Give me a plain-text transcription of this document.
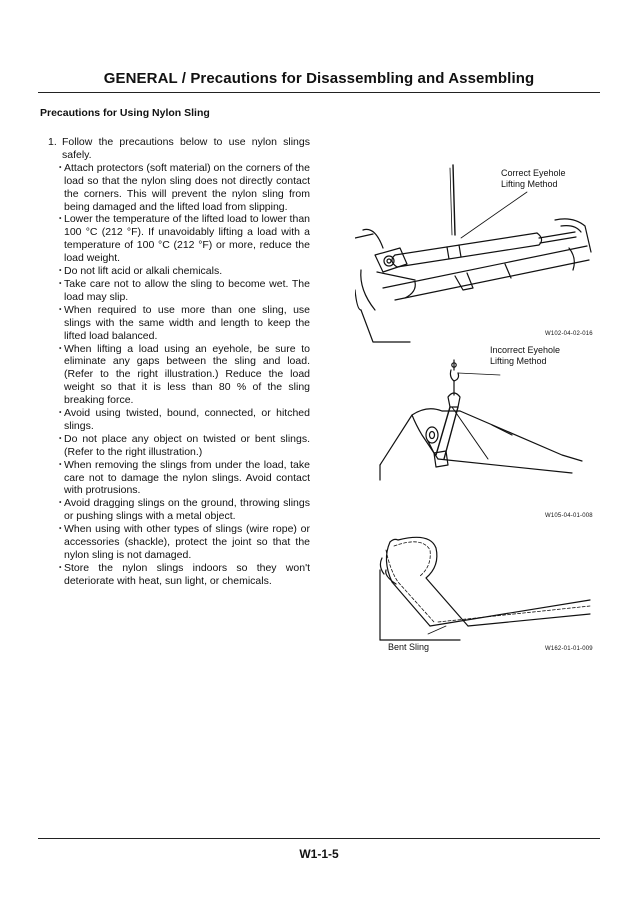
GENERAL / Precautions for Disassembling and Assembling
Precautions for Using Nylon Sling
1. Follow the precautions below to use nylon slings safely.
・
Attach protectors (soft material) on the corners of the load so that the nylon sling does not directly contact the corners. This will prevent the nylon sling from being damaged and the lifted load from slipping.
・
Lower the temperature of the lifted load to lower than 100 °C (212 °F). If unavoidably lifting a load with a temperature of 100 °C (212 °F) or more, reduce the load weight.
・
Do not lift acid or alkali chemicals.
・
Take care not to allow the sling to become wet. The load may slip.
・
When required to use more than one sling, use slings with the same width and length to keep the lifted load balanced.
・
When lifting a load using an eyehole, be sure to eliminate any gaps between the sling and load. (Refer to the right illustration.) Reduce the load weight so that it is less than 80 % of the sling breaking force.
・
Avoid using twisted, bound, connected, or hitched slings.
・
Do not place any object on twisted or bent slings. (Refer to the right illustration.)
・
When removing the slings from under the load, take care not to damage the nylon slings. Avoid contact with protrusions.
・
Avoid dragging slings on the ground, throwing slings or pushing slings with a metal object.
・
When using with other types of slings (wire rope) or accessories (shackle), protect the joint so that the nylon sling is not damaged.
・
Store the nylon slings indoors so they won't deteriorate with heat, sun light, or chemicals.
Correct Eyehole
Lifting Method
W102-04-02-016
Incorrect Eyehole
Lifting Method
W105-04-01-008
Bent Sling	W162-01-01-009
W1-1-5
